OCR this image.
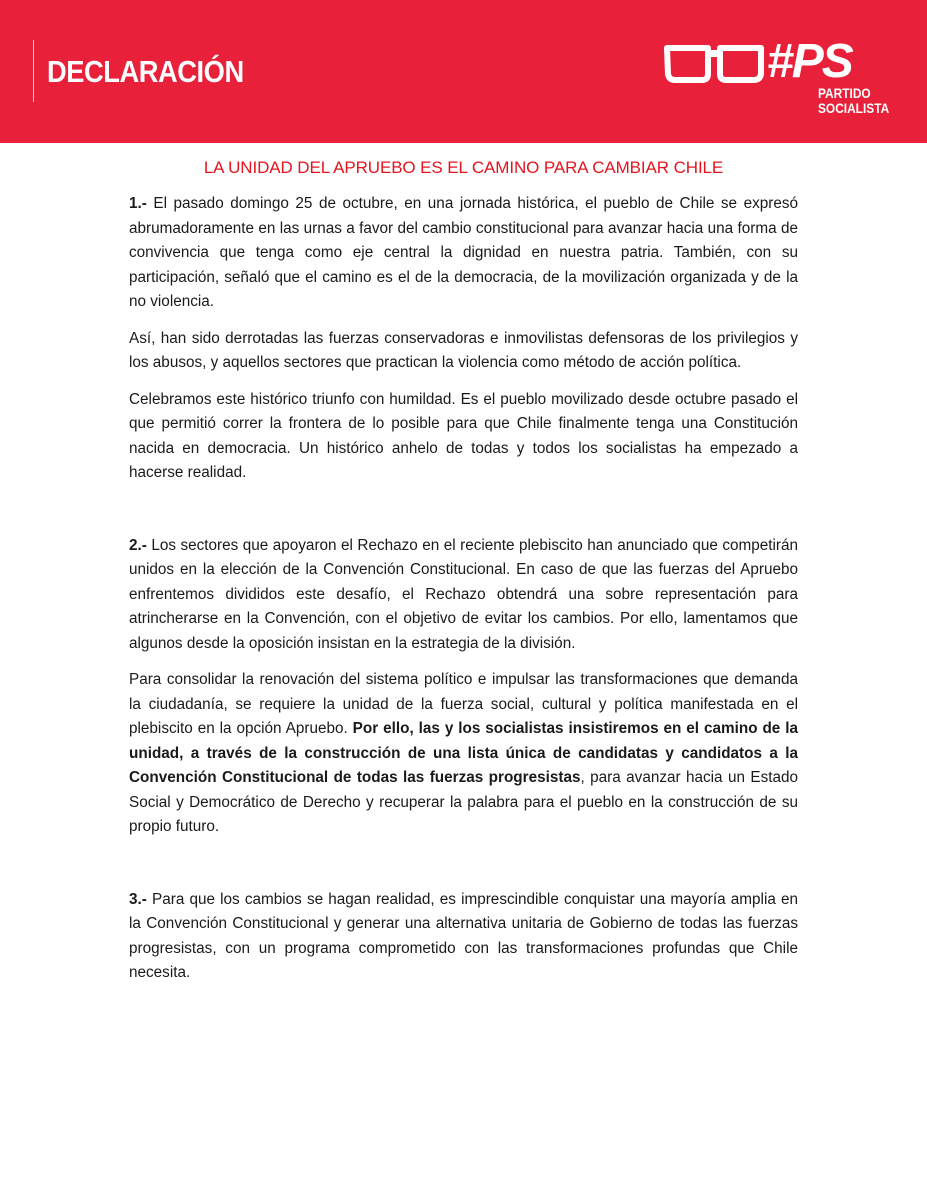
DECLARACIÓN	#PS
PARTIDO
SOCIALISTA
LA UNIDAD DEL APRUEBO ES EL CAMINO PARA CAMBIAR CHILE

1.- El pasado domingo 25 de octubre, en una jornada histórica, el pueblo de Chile se expresó abrumadoramente en las urnas a favor del cambio constitucional para avanzar hacia una forma de convivencia que tenga como eje central la dignidad en nuestra patria. También, con su participación, señaló que el camino es el de la democracia, de la movilización organizada y de la no violencia.

Así, han sido derrotadas las fuerzas conservadoras e inmovilistas defensoras de los privilegios y los abusos, y aquellos sectores que practican la violencia como método de acción política.

Celebramos este histórico triunfo con humildad. Es el pueblo movilizado desde octubre pasado el que permitió correr la frontera de lo posible para que Chile finalmente tenga una Constitución nacida en democracia. Un histórico anhelo de todas y todos los socialistas ha empezado a hacerse realidad.

2.- Los sectores que apoyaron el Rechazo en el reciente plebiscito han anunciado que competirán unidos en la elección de la Convención Constitucional. En caso de que las fuerzas del Apruebo enfrentemos divididos este desafío, el Rechazo obtendrá una sobre representación para atrincherarse en la Convención, con el objetivo de evitar los cambios. Por ello, lamentamos que algunos desde la oposición insistan en la estrategia de la división.

Para consolidar la renovación del sistema político e impulsar las transformaciones que demanda la ciudadanía, se requiere la unidad de la fuerza social, cultural y política manifestada en el plebiscito en la opción Apruebo. Por ello, las y los socialistas insistiremos en el camino de la unidad, a través de la construcción de una lista única de candidatas y candidatos a la Convención Constitucional de todas las fuerzas progresistas, para avanzar hacia un Estado Social y Democrático de Derecho y recuperar la palabra para el pueblo en la construcción de su propio futuro.

3.- Para que los cambios se hagan realidad, es imprescindible conquistar una mayoría amplia en la Convención Constitucional y generar una alternativa unitaria de Gobierno de todas las fuerzas progresistas, con un programa comprometido con las transformaciones profundas que Chile necesita.
